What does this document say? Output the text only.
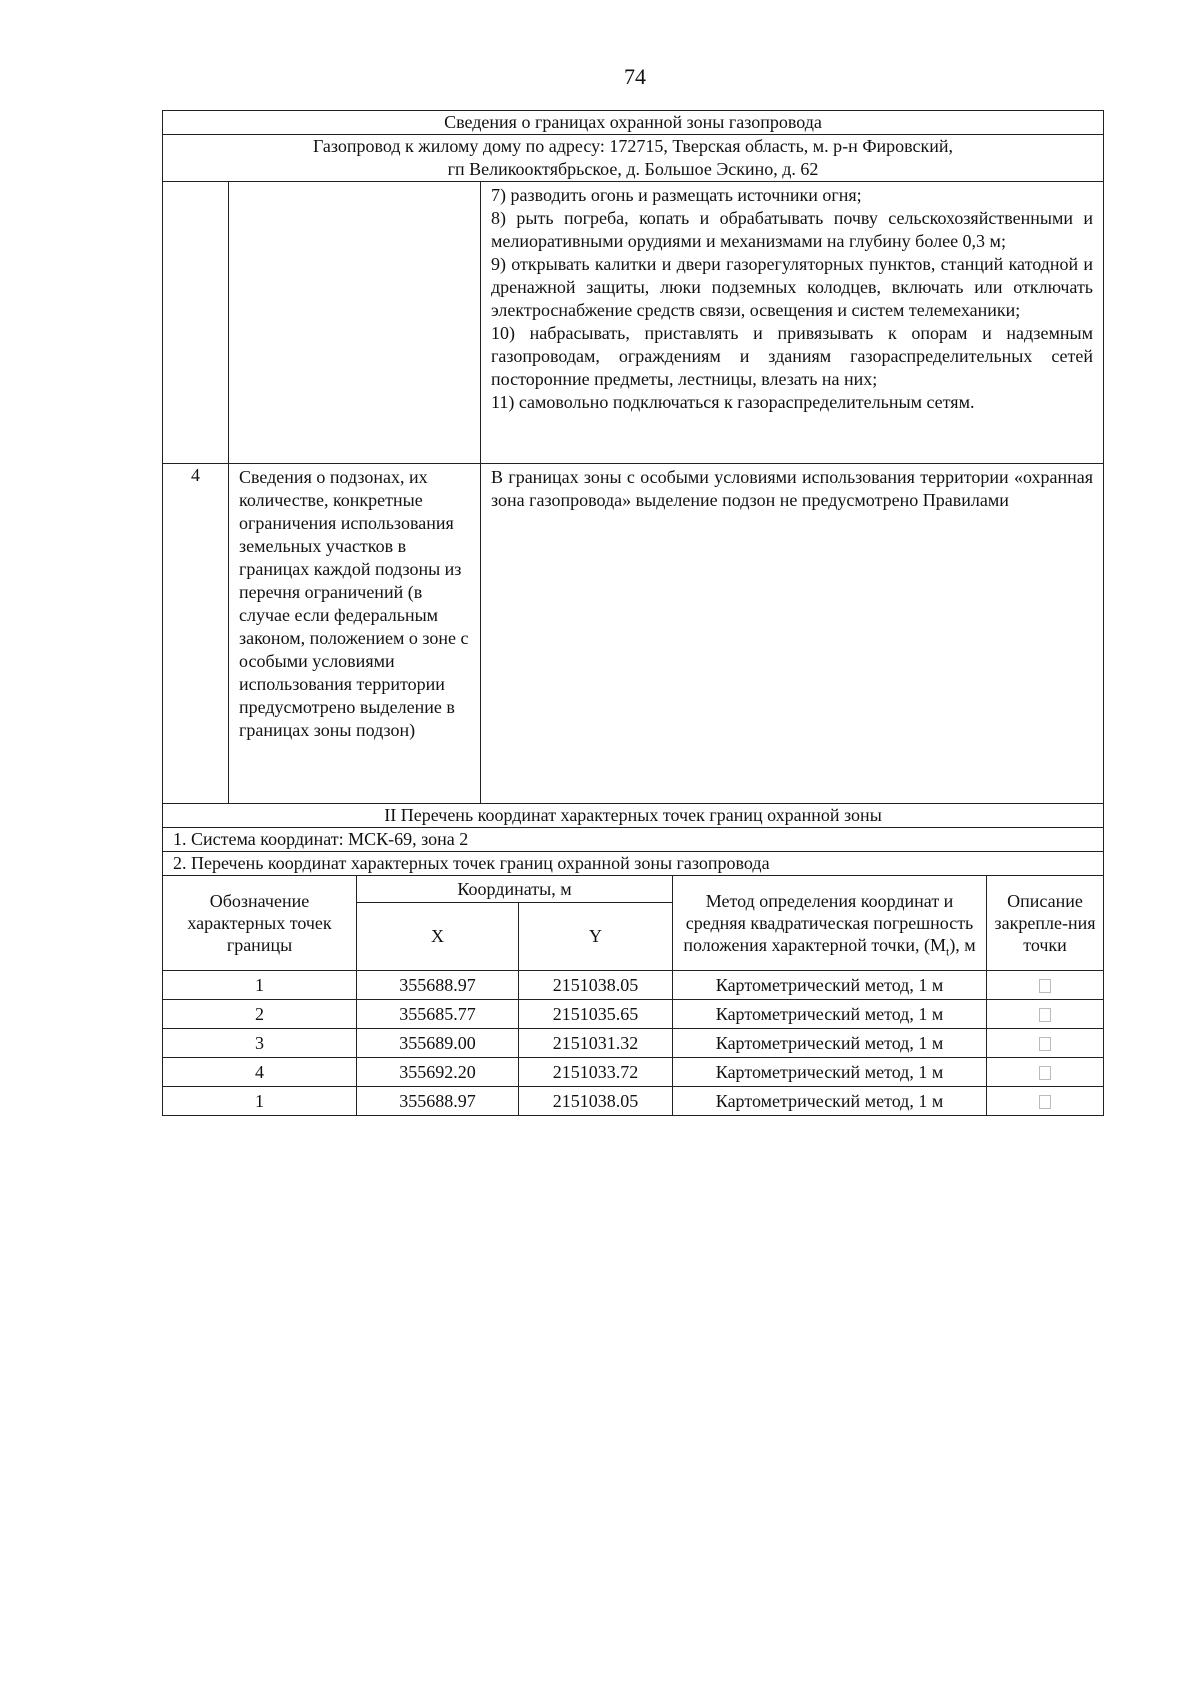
74
Сведения о границах охранной зоны газопровода		
Газопровод к жилому дому по адресу: 172715, Тверская область, м. р-н Фировский,
гп Великооктябрьское, д. Большое Эскино, д. 62		

		7) разводить огонь и размещать источники огня;
8) рыть погреба, копать и обрабатывать почву сельскохозяйственными и мелиоративными орудиями и механизмами на глубину более 0,3 м;
9) открывать калитки и двери газорегуляторных пунктов, станций катодной и дренажной защиты, люки подземных колодцев, включать или отключать электроснабжение средств связи, освещения и систем телемеханики;
10) набрасывать, приставлять и привязывать к опорам и надземным газопроводам, ограждениям и зданиям газораспределительных сетей посторонние предметы, лестницы, влезать на них;
11) самовольно подключаться к газораспределительным сетям.

4	Сведения о подзонах, их количестве, конкретные ограничения использования земельных участков в границах каждой подзоны из перечня ограничений (в случае если федеральным законом, положением о зоне с особыми условиями использования территории предусмотрено выделение в границах зоны подзон)	В границах зоны с особыми условиями использования территории «охранная зона газопровода» выделение подзон не предусмотрено Правилами
II Перечень координат характерных точек границ охранной зоны		
1. Система координат: МСК-69, зона 2		
2. Перечень координат характерных точек границ охранной зоны газопровода		
Обозначение характерных точек границы	Координаты, м		Метод определения координат и средняя квадратическая погрешность положения характерной точки, $(M_t)$, м	Описание закрепле-ния точки
	X	Y		
1	355688.97	2151038.05	Картометрический метод, 1 м	
2	355685.77	2151035.65	Картометрический метод, 1 м	
3	355689.00	2151031.32	Картометрический метод, 1 м	
4	355692.20	2151033.72	Картометрический метод, 1 м	
1	355688.97	2151038.05	Картометрический метод, 1 м	
